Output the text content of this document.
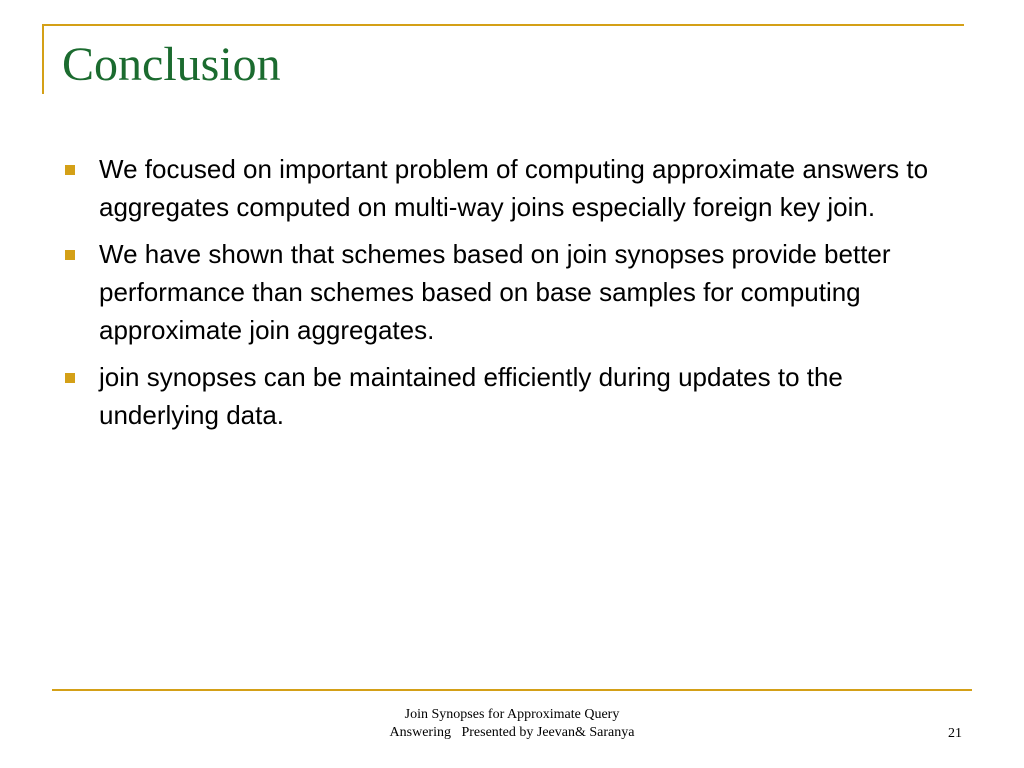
Conclusion
We focused on important problem of computing approximate answers to aggregates computed on multi-way joins especially foreign key join.
We have shown that schemes based on join synopses provide better performance than schemes based on base samples for computing approximate join aggregates.
join synopses can be maintained efficiently during updates to the underlying data.
Join Synopses for Approximate Query
Answering   Presented by Jeevan& Saranya	21
